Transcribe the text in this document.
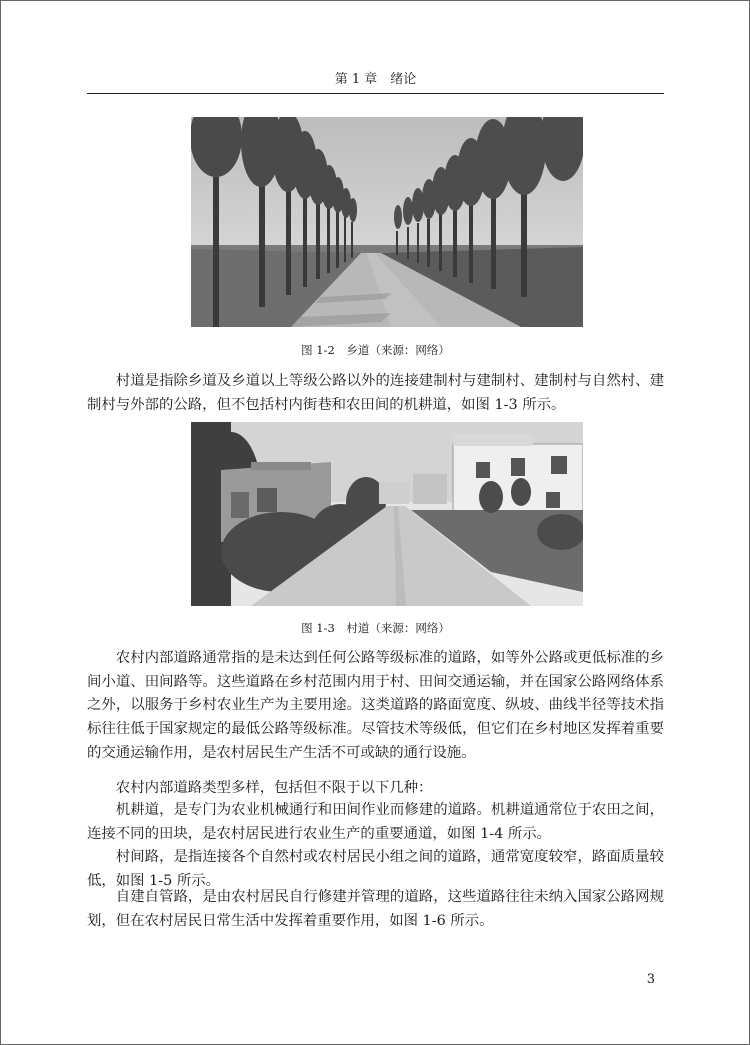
第 1 章　绪论
图 1-2　乡道（来源：网络）

村道是指除乡道及乡道以上等级公路以外的连接建制村与建制村、建制村与自然村、建制村与外部的公路，但不包括村内街巷和农田间的机耕道，如图 1-3 所示。

图 1-3　村道（来源：网络）

农村内部道路通常指的是未达到任何公路等级标准的道路，如等外公路或更低标准的乡间小道、田间路等。这些道路在乡村范围内用于村、田间交通运输，并在国家公路网络体系之外，以服务于乡村农业生产为主要用途。这类道路的路面宽度、纵坡、曲线半径等技术指标往往低于国家规定的最低公路等级标准。尽管技术等级低，但它们在乡村地区发挥着重要的交通运输作用，是农村居民生产生活不可或缺的通行设施。

农村内部道路类型多样，包括但不限于以下几种：

机耕道，是专门为农业机械通行和田间作业而修建的道路。机耕道通常位于农田之间，连接不同的田块，是农村居民进行农业生产的重要通道，如图 1-4 所示。

村间路，是指连接各个自然村或农村居民小组之间的道路，通常宽度较窄，路面质量较低，如图 1-5 所示。

自建自管路，是由农村居民自行修建并管理的道路，这些道路往往未纳入国家公路网规划，但在农村居民日常生活中发挥着重要作用，如图 1-6 所示。

3
